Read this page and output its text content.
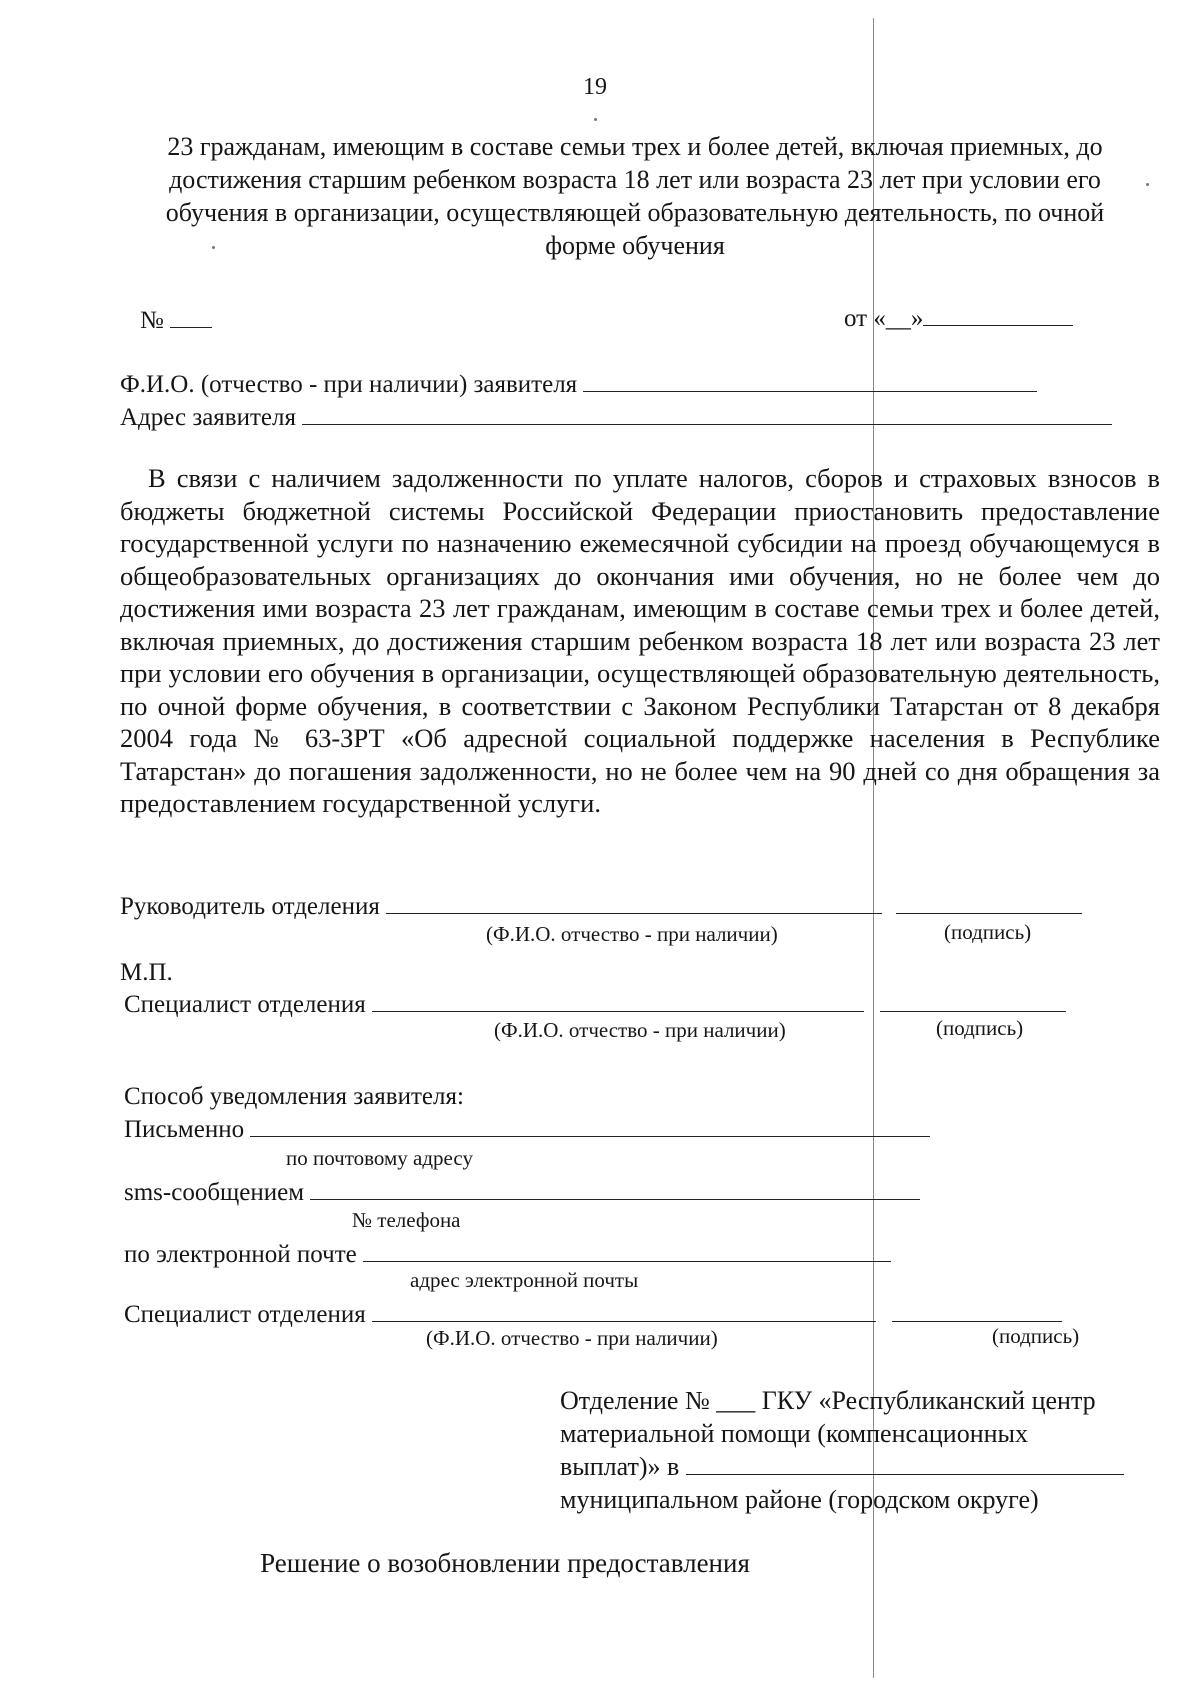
19
23 гражданам, имеющим в составе семьи трех и более детей, включая приемных, до
достижения старшим ребенком возраста 18 лет или возраста 23 лет при условии его
обучения в организации, осуществляющей образовательную деятельность, по очной
форме обучения
№	от «__»
Ф.И.О. (отчество - при наличии) заявителя
Адрес заявителя
В связи с наличием задолженности по уплате налогов, сборов и страховых взносов в бюджеты бюджетной системы Российской Федерации приостановить предоставление государственной услуги по назначению ежемесячной субсидии на проезд обучающемуся в общеобразовательных организациях до окончания ими обучения, но не более чем до достижения ими возраста 23 лет гражданам, имеющим в составе семьи трех и более детей, включая приемных, до достижения старшим ребенком возраста 18 лет или возраста 23 лет при условии его обучения в организации, осуществляющей образовательную деятельность, по очной форме обучения, в соответствии с Законом Республики Татарстан от 8 декабря 2004 года № 63-ЗРТ «Об адресной социальной поддержке населения в Республике Татарстан» до погашения задолженности, но не более чем на 90 дней со дня обращения за предоставлением государственной услуги.
Руководитель отделения
(Ф.И.О. отчество - при наличии)	(подпись)
М.П.
Специалист отделения
(Ф.И.О. отчество - при наличии)	(подпись)
Способ уведомления заявителя:
Письменно
по почтовому адресу
sms-сообщением
№ телефона
по электронной почте
адрес электронной почты
Специалист отделения
(Ф.И.О. отчество - при наличии)	(подпись)
Отделение № ___ ГКУ «Республиканский центр
материальной помощи (компенсационных
выплат)» в
муниципальном районе (городском округе)
Решение о возобновлении предоставления
